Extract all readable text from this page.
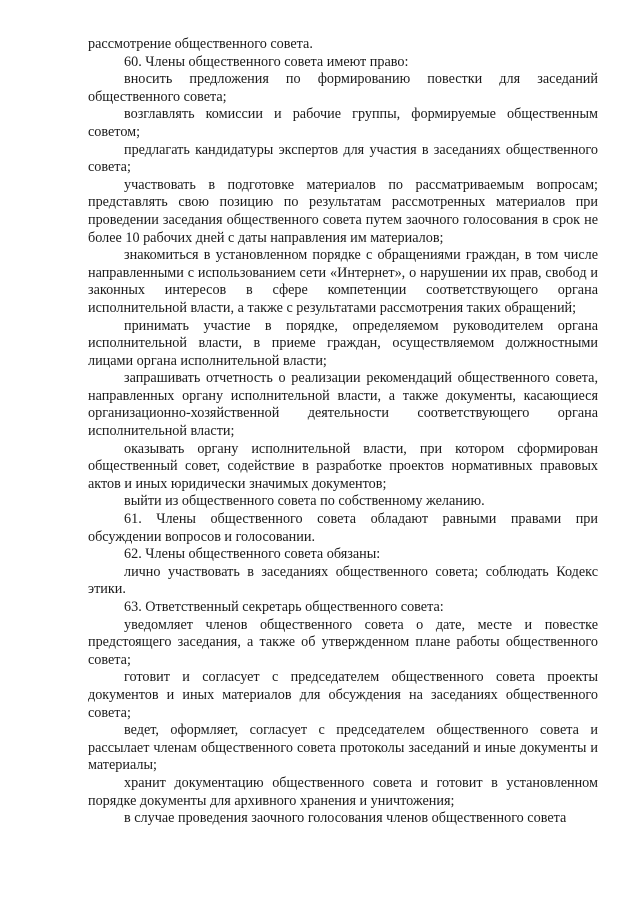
рассмотрение общественного совета.

60. Члены общественного совета имеют право:

вносить предложения по формированию повестки для заседаний общественного совета;

возглавлять комиссии и рабочие группы, формируемые общественным советом;

предлагать кандидатуры экспертов для участия в заседаниях общественного совета;

участвовать в подготовке материалов по рассматриваемым вопросам; представлять свою позицию по результатам рассмотренных материалов при проведении заседания общественного совета путем заочного голосования в срок не более 10 рабочих дней с даты направления им материалов;

знакомиться в установленном порядке с обращениями граждан, в том числе направленными с использованием сети «Интернет», о нарушении их прав, свобод и законных интересов в сфере компетенции соответствующего органа исполнительной власти, а также с результатами рассмотрения таких обращений;

принимать участие в порядке, определяемом руководителем органа исполнительной власти, в приеме граждан, осуществляемом должностными лицами органа исполнительной власти;

запрашивать отчетность о реализации рекомендаций общественного совета, направленных органу исполнительной власти, а также документы, касающиеся организационно-хозяйственной деятельности соответствующего органа исполнительной власти;

оказывать органу исполнительной власти, при котором сформирован общественный совет, содействие в разработке проектов нормативных правовых актов и иных юридически значимых документов;

выйти из общественного совета по собственному желанию.

61. Члены общественного совета обладают равными правами при обсуждении вопросов и голосовании.

62. Члены общественного совета обязаны:

лично участвовать в заседаниях общественного совета; соблюдать Кодекс этики.

63. Ответственный секретарь общественного совета:

уведомляет членов общественного совета о дате, месте и повестке предстоящего заседания, а также об утвержденном плане работы общественного совета;

готовит и согласует с председателем общественного совета проекты документов и иных материалов для обсуждения на заседаниях общественного совета;

ведет, оформляет, согласует с председателем общественного совета и рассылает членам общественного совета протоколы заседаний и иные документы и материалы;

хранит документацию общественного совета и готовит в установленном порядке документы для архивного хранения и уничтожения;

в случае проведения заочного голосования членов общественного совета
